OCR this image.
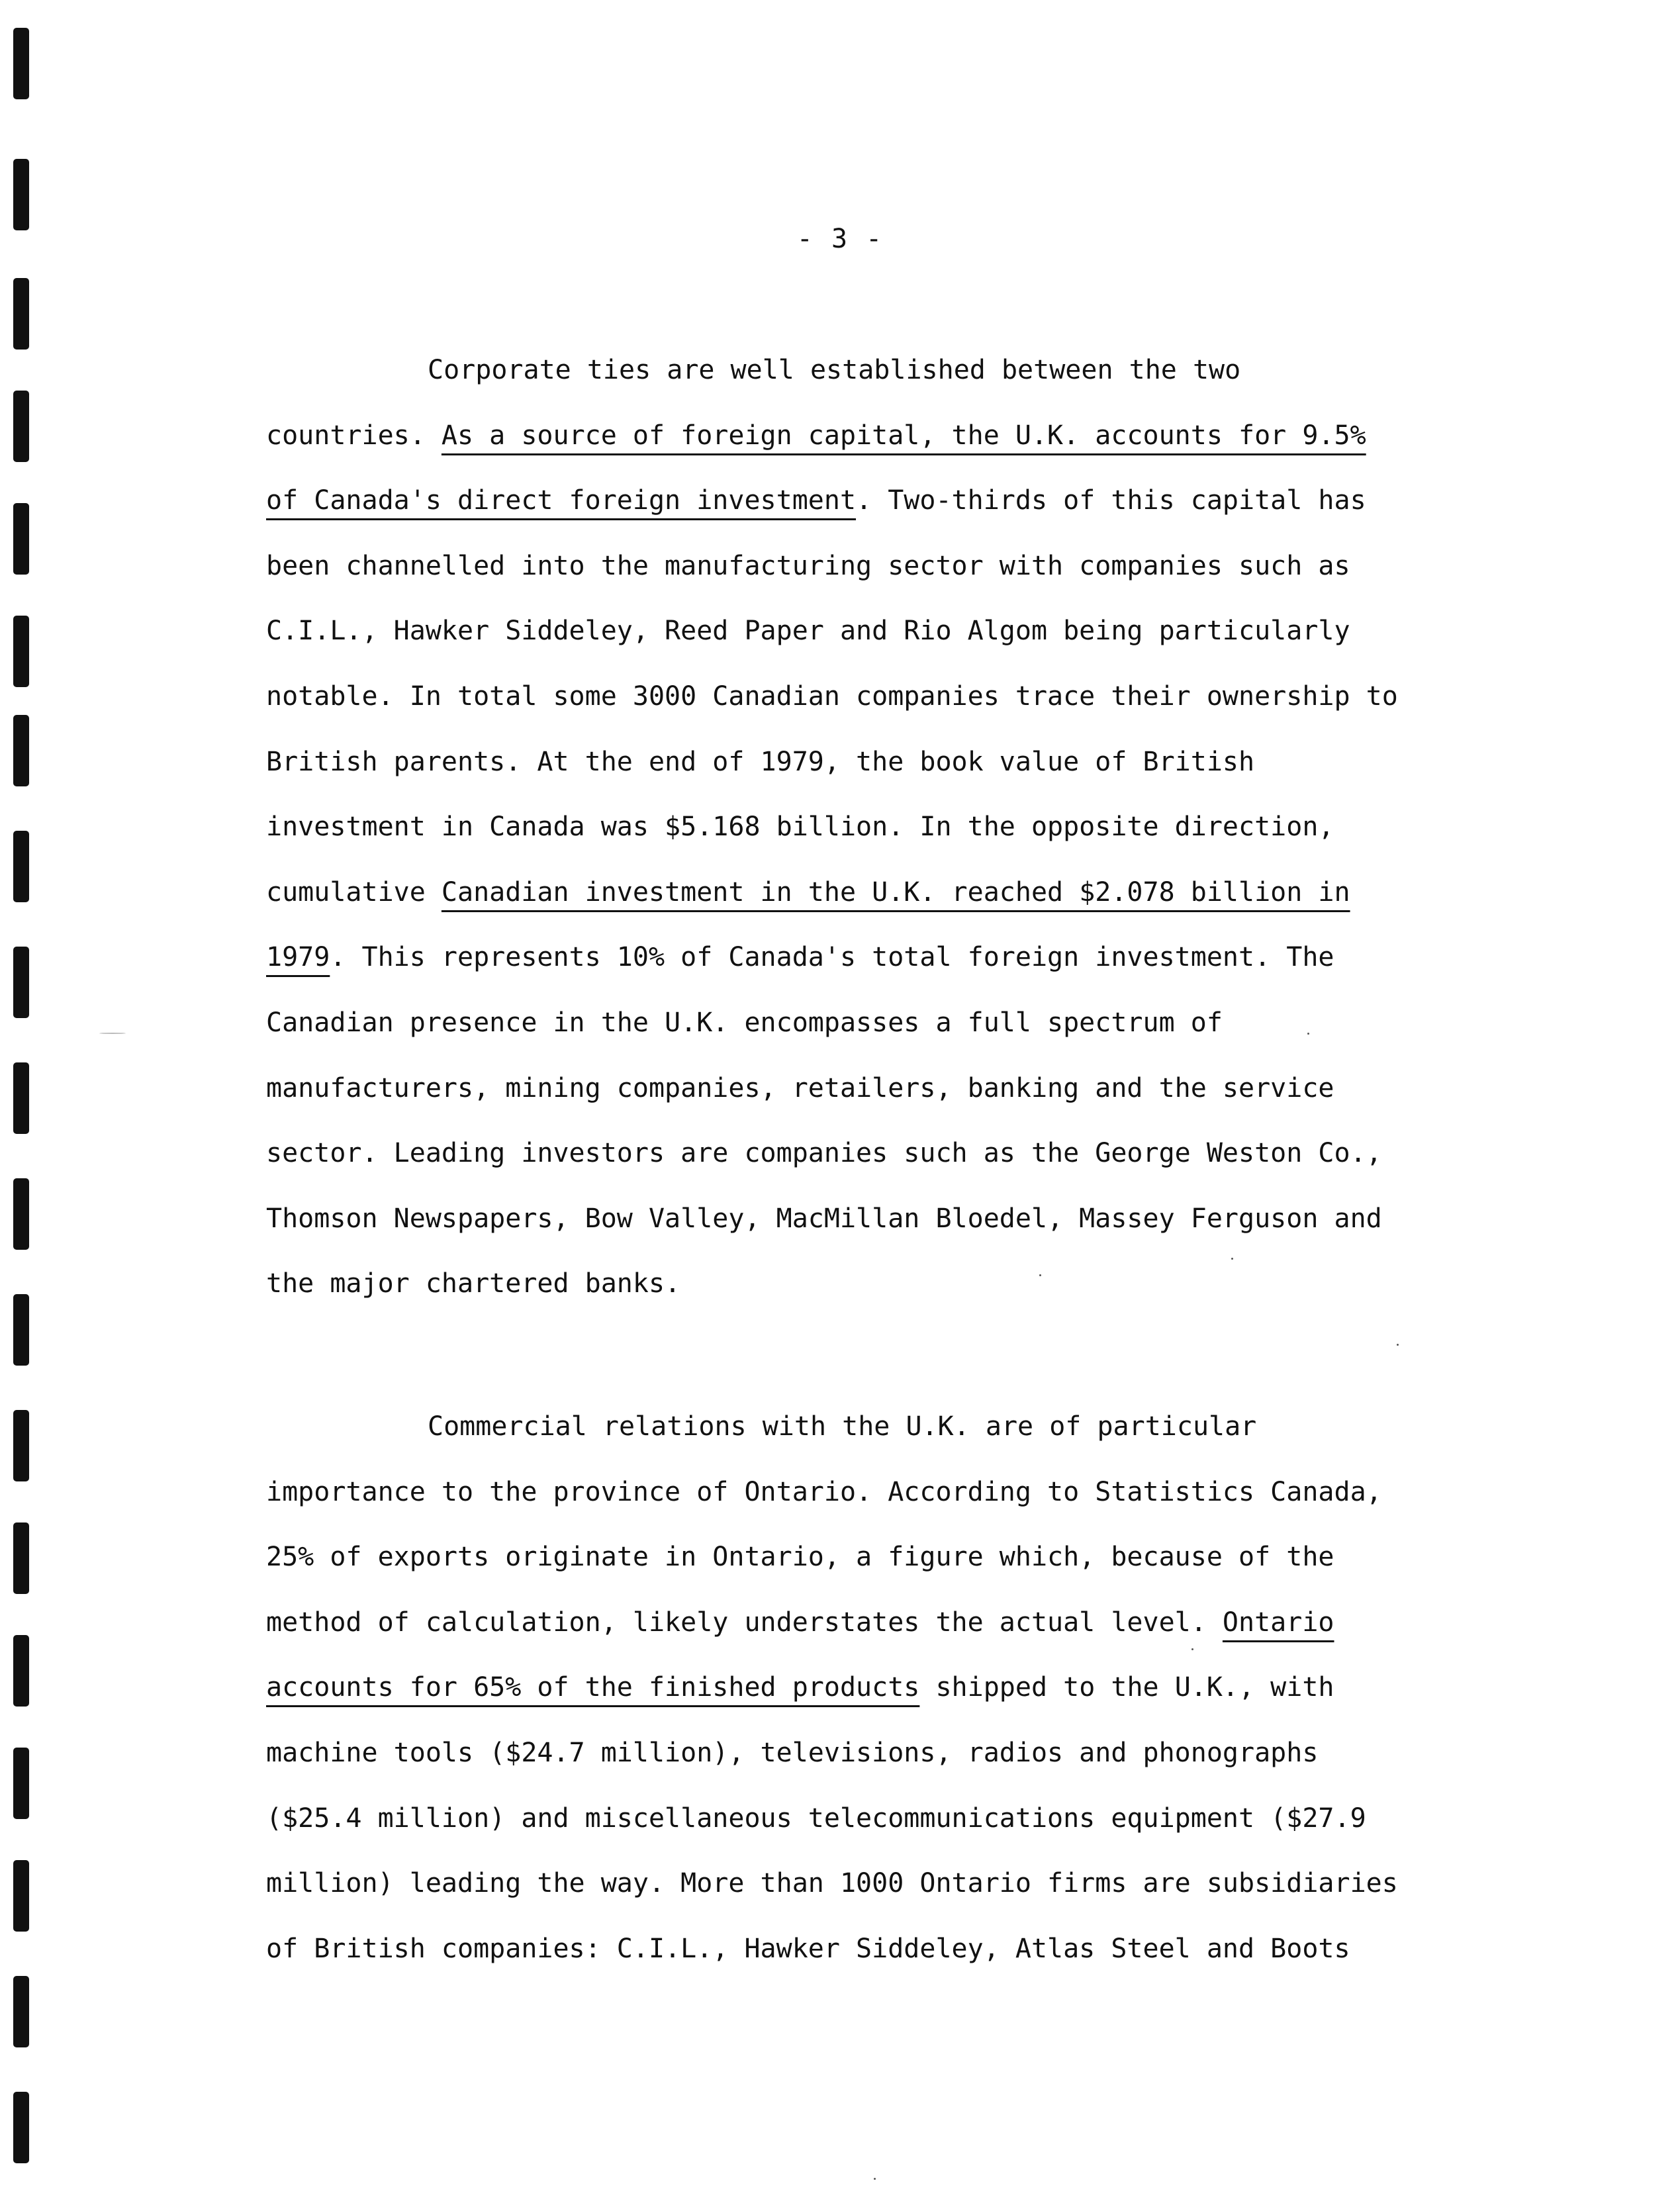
- 3 -
Corporate ties are well established between the two
countries. As a source of foreign capital, the U.K. accounts for 9.5%
of Canada's direct foreign investment. Two-thirds of this capital has
been channelled into the manufacturing sector with companies such as
C.I.L., Hawker Siddeley, Reed Paper and Rio Algom being particularly
notable. In total some 3000 Canadian companies trace their ownership to
British parents. At the end of 1979, the book value of British
investment in Canada was $5.168 billion. In the opposite direction,
cumulative Canadian investment in the U.K. reached $2.078 billion in
1979. This represents 10% of Canada's total foreign investment. The
Canadian presence in the U.K. encompasses a full spectrum of
manufacturers, mining companies, retailers, banking and the service
sector. Leading investors are companies such as the George Weston Co.,
Thomson Newspapers, Bow Valley, MacMillan Bloedel, Massey Ferguson and
the major chartered banks.
Commercial relations with the U.K. are of particular
importance to the province of Ontario. According to Statistics Canada,
25% of exports originate in Ontario, a figure which, because of the
method of calculation, likely understates the actual level. Ontario
accounts for 65% of the finished products shipped to the U.K., with
machine tools ($24.7 million), televisions, radios and phonographs
($25.4 million) and miscellaneous telecommunications equipment ($27.9
million) leading the way. More than 1000 Ontario firms are subsidiaries
of British companies: C.I.L., Hawker Siddeley, Atlas Steel and Boots
